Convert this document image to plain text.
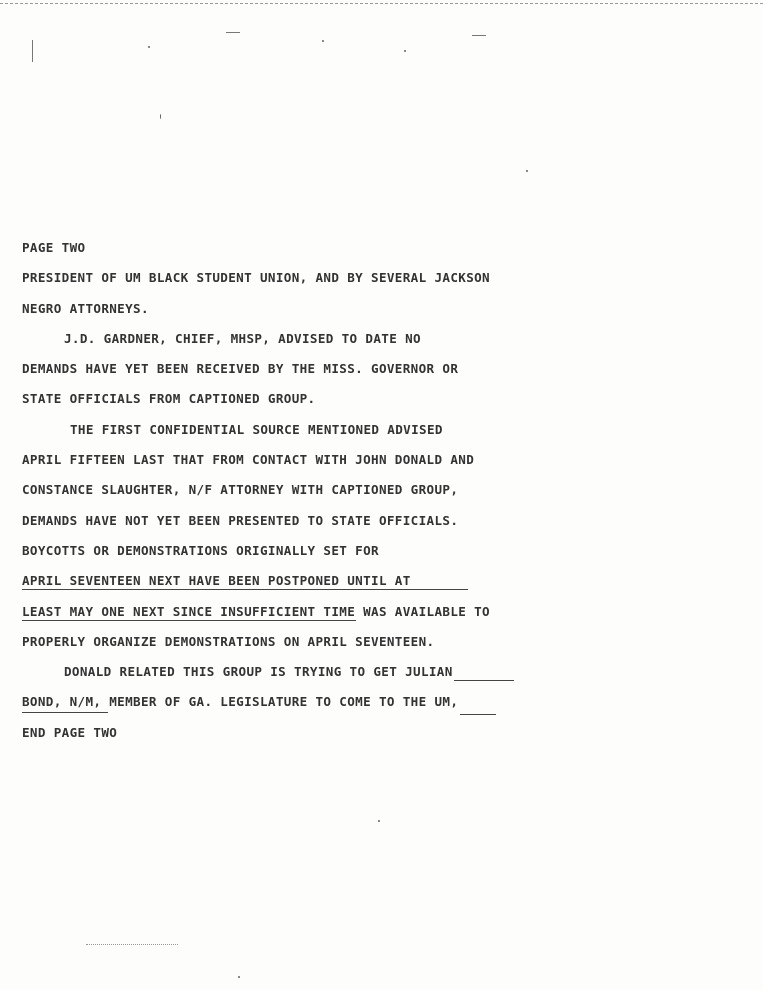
PAGE TWO
PRESIDENT OF UM BLACK STUDENT UNION, AND BY SEVERAL JACKSON
NEGRO ATTORNEYS.
J.D. GARDNER, CHIEF, MHSP, ADVISED TO DATE NO
DEMANDS HAVE YET BEEN RECEIVED BY THE MISS. GOVERNOR OR
STATE OFFICIALS FROM CAPTIONED GROUP.
THE FIRST CONFIDENTIAL SOURCE MENTIONED ADVISED
APRIL FIFTEEN LAST THAT FROM CONTACT WITH JOHN DONALD AND
CONSTANCE SLAUGHTER, N/F ATTORNEY WITH CAPTIONED GROUP,
DEMANDS HAVE NOT YET BEEN PRESENTED TO STATE OFFICIALS.
BOYCOTTS OR DEMONSTRATIONS ORIGINALLY SET FOR
APRIL SEVENTEEN NEXT HAVE BEEN POSTPONED UNTIL AT
LEAST MAY ONE NEXT SINCE INSUFFICIENT TIME WAS AVAILABLE TO
PROPERLY ORGANIZE DEMONSTRATIONS ON APRIL SEVENTEEN.
DONALD RELATED THIS GROUP IS TRYING TO GET JULIAN
BOND, N/M, MEMBER OF GA. LEGISLATURE TO COME TO THE UM,
END PAGE TWO
